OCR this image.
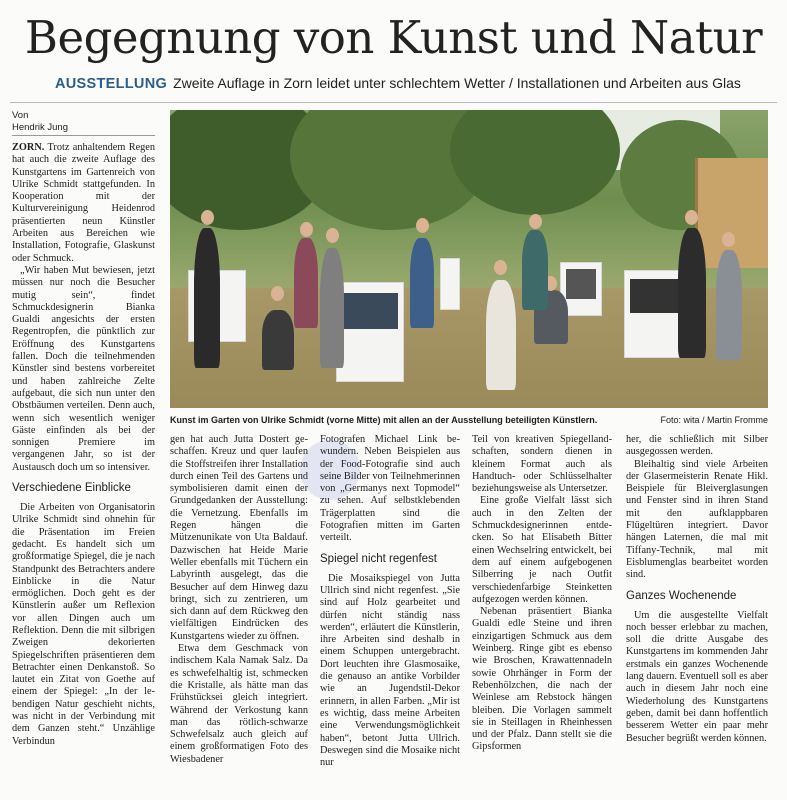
Begegnung von Kunst und Natur
AUSSTELLUNG Zweite Auflage in Zorn leidet unter schlechtem Wetter / Installationen und Arbeiten aus Glas
Von
Hendrik Jung

ZORN. Trotz anhaltendem Regen hat auch die zweite Auflage des Kunstgartens im Gartenreich von Ulrike Schmidt stattgefunden. In Kooperation mit der Kulturvereinigung Heidenrod präsentierten neun Künstler Arbeiten aus Bereichen wie Installation, Fotografie, Glaskunst oder Schmuck.

„Wir haben Mut bewiesen, jetzt müssen nur noch die Besucher mutig sein“, findet Schmuckdesignerin Bianka Gualdi angesichts der ersten Regentropfen, die pünktlich zur Eröffnung des Kunstgartens fallen. Doch die teilnehmenden Künstler sind bestens vorbereitet und haben zahlreiche Zelte aufgebaut, die sich nun unter den Obstbäumen verteilen. Denn auch, wenn sich wesentlich weniger Gäste einfinden als bei der sonnigen Premiere im vergangenen Jahr, so ist der Austausch doch um so intensiver.

Verschiedene Einblicke

Die Arbeiten von Organisatorin Ulrike Schmidt sind ohnehin für die Präsentation im Freien gedacht. Es handelt sich um großformatige Spiegel, die je nach Standpunkt des Betrachters andere Einblicke in die Natur ermöglichen. Doch geht es der Künstlerin außer um Reflexion vor allen Dingen auch um Reflektion. Denn die mit silbrigen Zweigen dekorierten Spiegelschriften präsentieren dem Betrachter einen Denkanstoß. So lautet ein Zitat von Goethe auf einem der Spiegel: „In der lebendigen Natur geschieht nichts, was nicht in der Verbindung mit dem Ganzen steht.“ Unzählige Verbindun

Kunst im Garten von Ulrike Schmidt (vorne Mitte) mit allen an der Ausstellung beteiligten Künstlern.	Foto: wita / Martin Fromme

gen hat auch Jutta Dostert geschaffen. Kreuz und quer laufen die Stoffstreifen ihrer Installation durch einen Teil des Gartens und symbolisieren damit einen der Grundgedanken der Ausstellung: die Vernetzung. Ebenfalls im Regen hängen die Mützenunikate von Uta Baldauf. Dazwischen hat Heide Marie Weller ebenfalls mit Tüchern ein Labyrinth ausgelegt, das die Besucher auf dem Hinweg dazu bringt, sich zu zentrieren, um sich dann auf dem Rückweg den vielfältigen Eindrücken des Kunstgartens wieder zu öffnen.

Etwa dem Geschmack von indischem Kala Namak Salz. Da es schwefelhaltig ist, schmecken die Kristalle, als hätte man das Frühstücksei gleich integriert. Während der Verkostung kann man das rötlich-schwarze Schwefelsalz auch gleich auf einem großformatigen Foto des Wiesbadener

Fotografen Michael Link bewundern. Neben Beispielen aus der Food-Fotografie sind auch seine Bilder von Teilnehmerinnen von „Germanys next Topmodel“ zu sehen. Auf selbstklebenden Trägerplatten sind die Fotografien mitten im Garten verteilt.

Spiegel nicht regenfest

Die Mosaikspiegel von Jutta Ullrich sind nicht regenfest. „Sie sind auf Holz gearbeitet und dürfen nicht ständig nass werden“, erläutert die Künstlerin, ihre Arbeiten sind deshalb in einem Schuppen untergebracht. Dort leuchten ihre Glasmosaike, die genauso an antike Vorbilder wie an Jugendstil-Dekor erinnern, in allen Farben. „Mir ist es wichtig, dass meine Arbeiten eine Verwendungsmöglichkeit haben“, betont Jutta Ullrich. Deswegen sind die Mosaike nicht nur

Teil von kreativen Spiegellandschaften, sondern dienen in kleinem Format auch als Handtuch- oder Schlüsselhalter beziehungsweise als Untersetzer.

Eine große Vielfalt lässt sich auch in den Zelten der Schmuckdesignerinnen entdecken. So hat Elisabeth Bitter einen Wechselring entwickelt, bei dem auf einem aufgebogenen Silberring je nach Outfit verschiedenfarbige Steinketten aufgezogen werden können.

Nebenan präsentiert Bianka Gualdi edle Steine und ihren einzigartigen Schmuck aus dem Weinberg. Ringe gibt es ebenso wie Broschen, Krawattennadeln sowie Ohrhänger in Form der Rebenhölzchen, die nach der Weinlese am Rebstock hängen bleiben. Die Vorlagen sammelt sie in Steillagen in Rheinhessen und der Pfalz. Dann stellt sie die Gipsformen

her, die schließlich mit Silber ausgegossen werden.

Bleihaltig sind viele Arbeiten der Glasermeisterin Renate Hikl. Beispiele für Bleiverglasungen und Fenster sind in ihren Stand mit den aufklappbaren Flügeltüren integriert. Davor hängen Laternen, die mal mit Tiffany-Technik, mal mit Eisblumenglas bearbeitet worden sind.

Ganzes Wochenende

Um die ausgestellte Vielfalt noch besser erlebbar zu machen, soll die dritte Ausgabe des Kunstgartens im kommenden Jahr erstmals ein ganzes Wochenende lang dauern. Eventuell soll es aber auch in diesem Jahr noch eine Wiederholung des Kunstgartens geben, damit bei dann hoffentlich besserem Wetter ein paar mehr Besucher begrüßt werden können.
